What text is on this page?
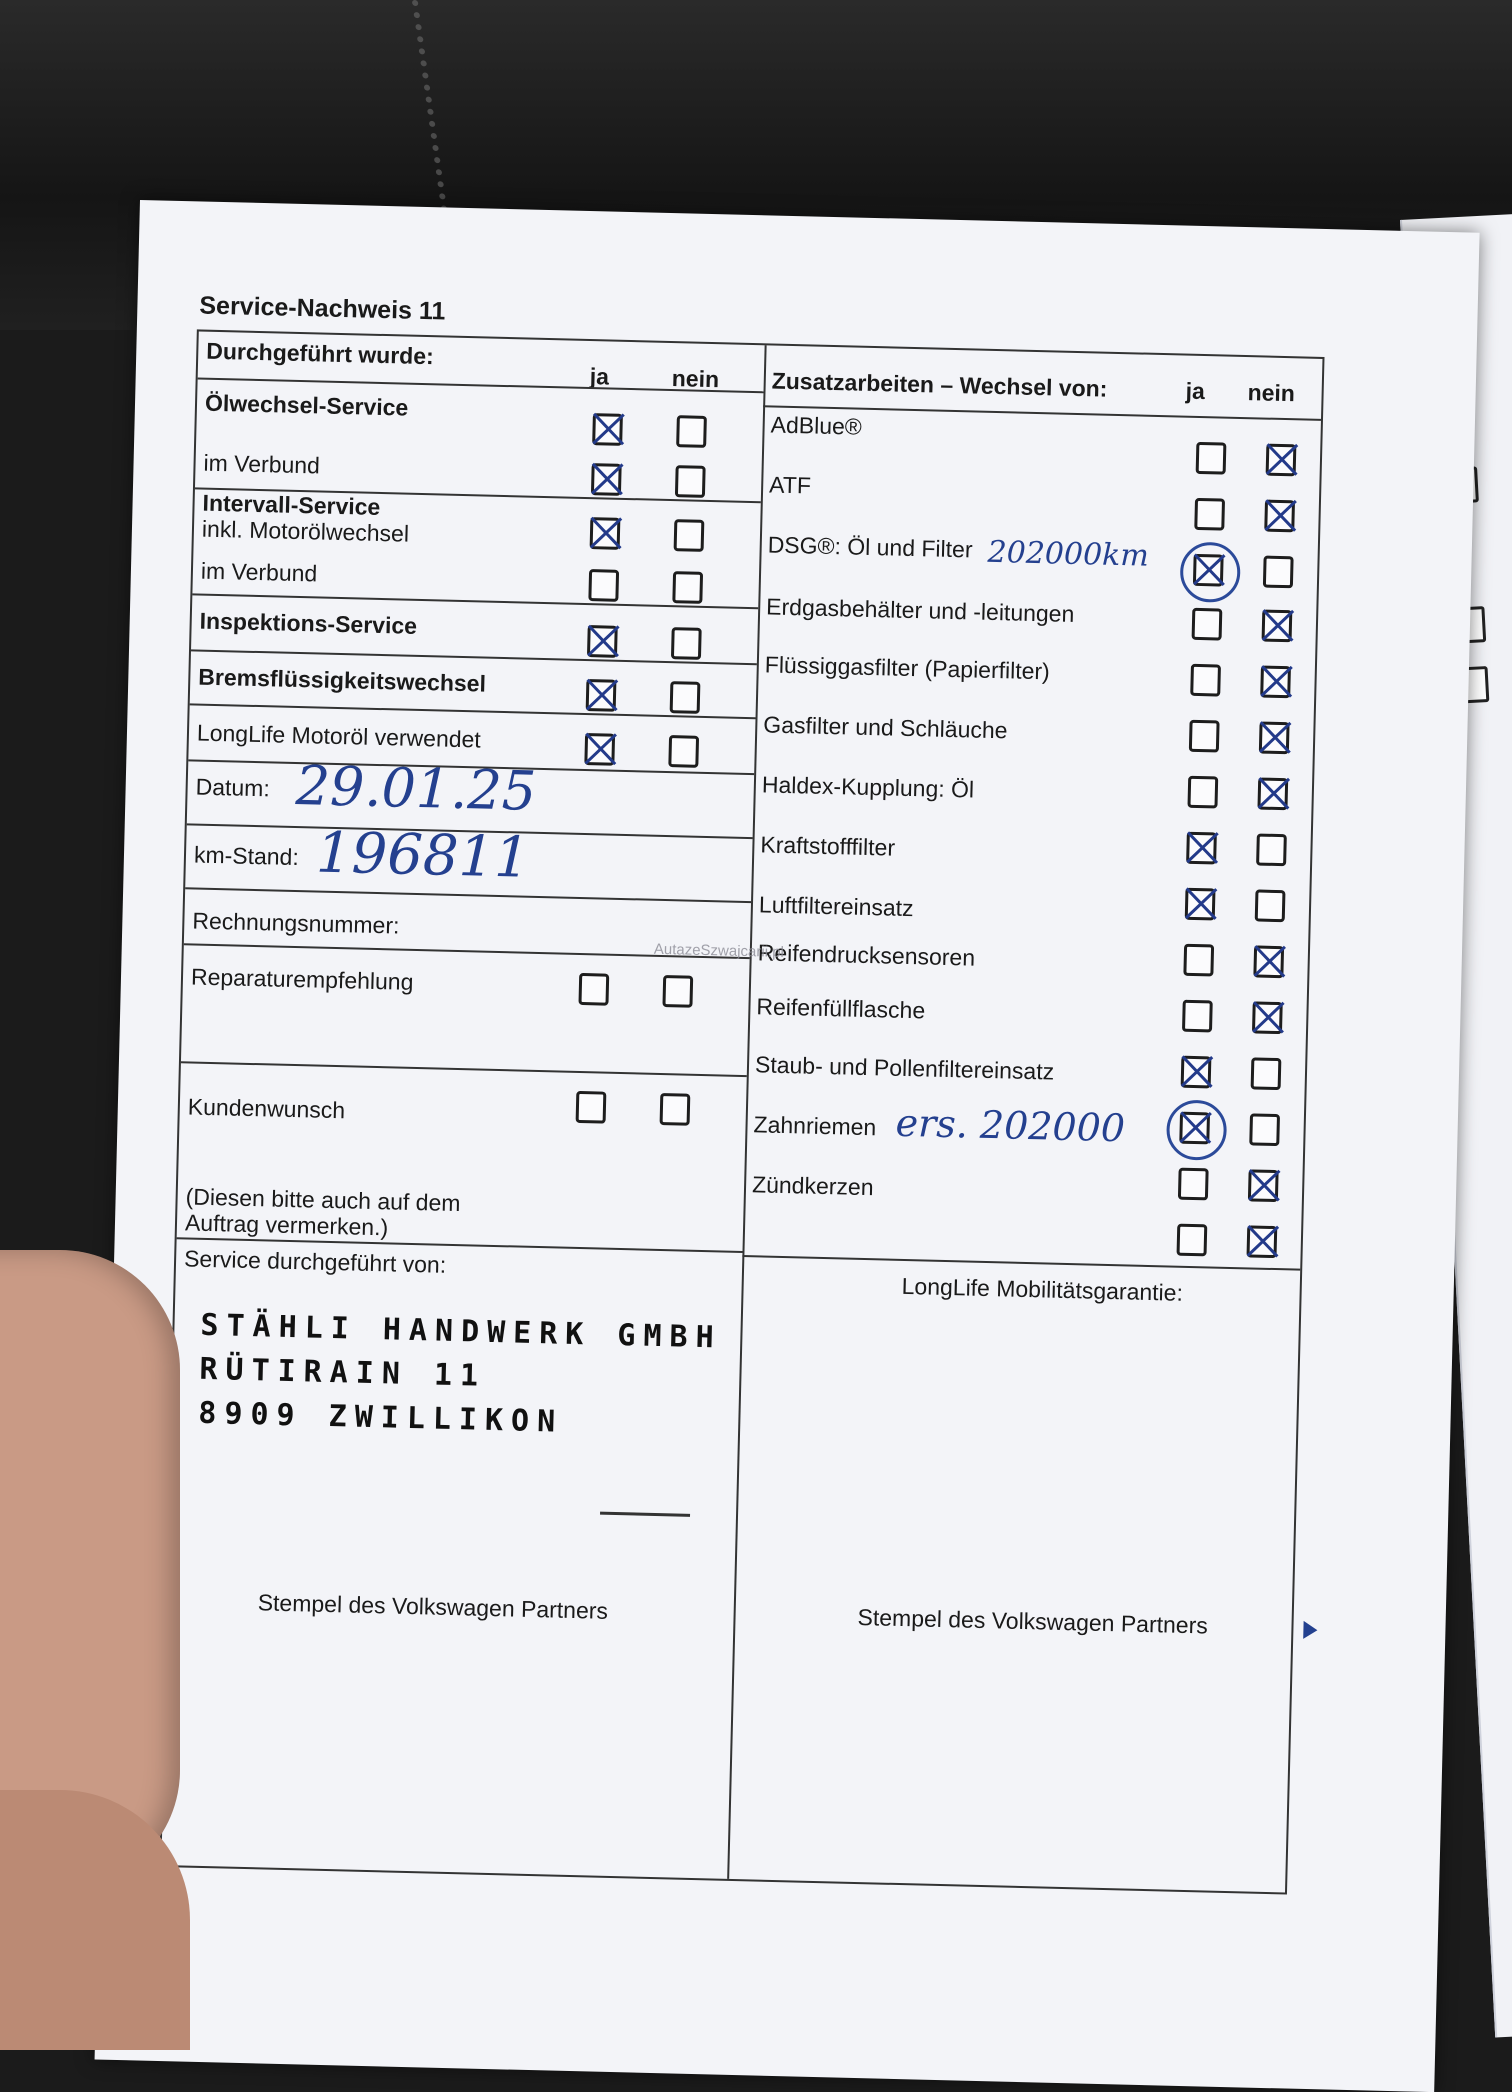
Service-Nachweis 11
Durchgeführt wurde:
ja	nein Zusatzarbeiten – Wechsel von:	ja nein
Ölwechsel-Service
im Verbund
Intervall-Service
inkl. Motorölwechsel
im Verbund
Inspektions-Service
Bremsflüssigkeitswechsel
LongLife Motoröl verwendet
Datum: 29.01.25
km-Stand: 196811
Rechnungsnummer:
Reparaturempfehlung
Kundenwunsch
(Diesen bitte auch auf dem
Auftrag vermerken.)
Service durchgeführt von:
STÄHLI HANDWERK GMBH
RÜTIRAIN 11
8909 ZWILLIKON
Stempel des Volkswagen Partners
AdBlue®
ATF
DSG®: Öl und Filter 202000km
Erdgasbehälter und -leitungen
Flüssiggasfilter (Papierfilter)
Gasfilter und Schläuche
Haldex-Kupplung: Öl
Kraftstofffilter
Luftfiltereinsatz
Reifendrucksensoren
Reifenfüllflasche
Staub- und Pollenfiltereinsatz
Zahnriemen ers. 202000
Zündkerzen
LongLife Mobilitätsgarantie:
Stempel des Volkswagen Partners
AutazeSzwajcarii.pl
